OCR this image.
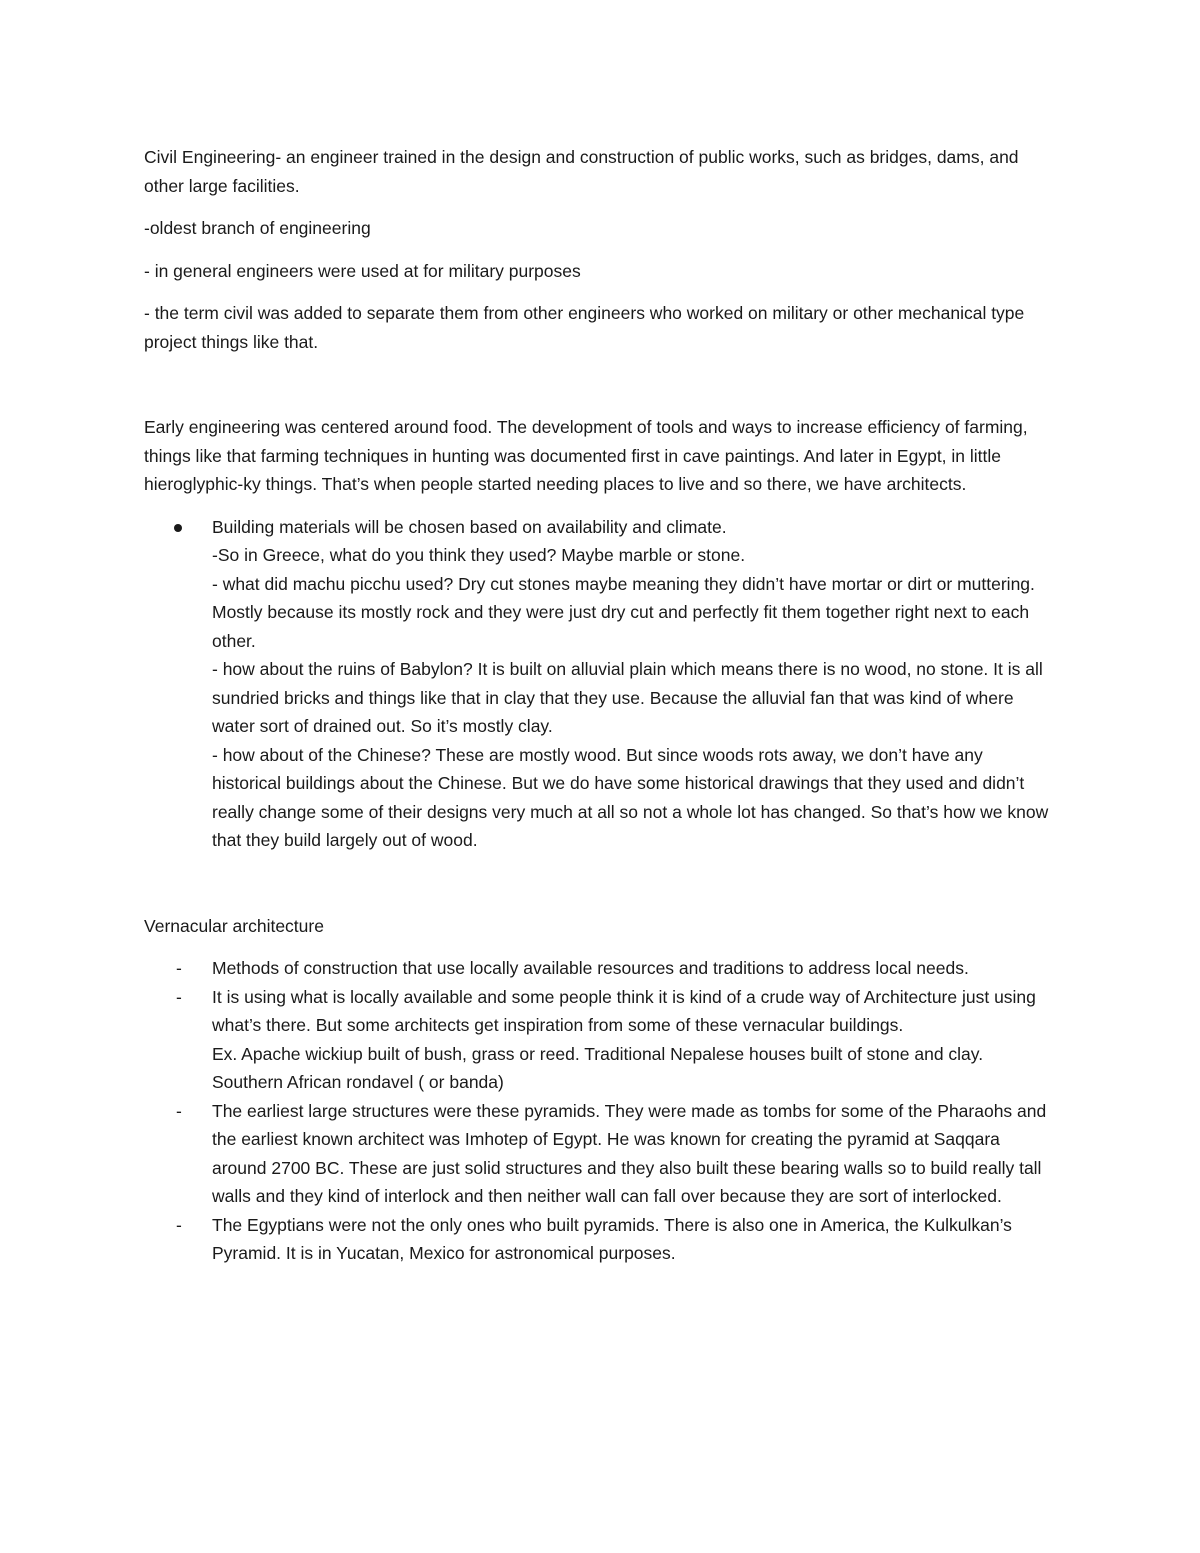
Civil Engineering- an engineer trained in the design and construction of public works, such as bridges, dams, and other large facilities.

-oldest branch of engineering

- in general engineers were used at for military purposes

- the term civil was added to separate them from other engineers who worked on military or other mechanical type project things like that.

Early engineering was centered around food. The development of tools and ways to increase efficiency of farming, things like that farming techniques in hunting was documented first in cave paintings. And later in Egypt, in little hieroglyphic-ky things. That’s when people started needing places to live and so there, we have architects.

Building materials will be chosen based on availability and climate.
-So in Greece, what do you think they used? Maybe marble or stone.
- what did machu picchu used? Dry cut stones maybe meaning they didn’t have mortar or dirt or muttering. Mostly because its mostly rock and they were just dry cut and perfectly fit them together right next to each other.
- how about the ruins of Babylon? It is built on alluvial plain which means there is no wood, no stone. It is all sundried bricks and things like that in clay that they use. Because the alluvial fan that was kind of where water sort of drained out. So it’s mostly clay.
- how about of the Chinese? These are mostly wood. But since woods rots away, we don’t have any historical buildings about the Chinese. But we do have some historical drawings that they used and didn’t really change some of their designs very much at all so not a whole lot has changed. So that’s how we know that they build largely out of wood.

Vernacular architecture

- Methods of construction that use locally available resources and traditions to address local needs.
- It is using what is locally available and some people think it is kind of a crude way of Architecture just using what’s there. But some architects get inspiration from some of these vernacular buildings.
Ex. Apache wickiup built of bush, grass or reed. Traditional Nepalese houses built of stone and clay. Southern African rondavel ( or banda)
- The earliest large structures were these pyramids. They were made as tombs for some of the Pharaohs and the earliest known architect was Imhotep of Egypt. He was known for creating the pyramid at Saqqara around 2700 BC. These are just solid structures and they also built these bearing walls so to build really tall walls and they kind of interlock and then neither wall can fall over because they are sort of interlocked.
- The Egyptians were not the only ones who built pyramids. There is also one in America, the Kulkulkan’s Pyramid. It is in Yucatan, Mexico for astronomical purposes.
